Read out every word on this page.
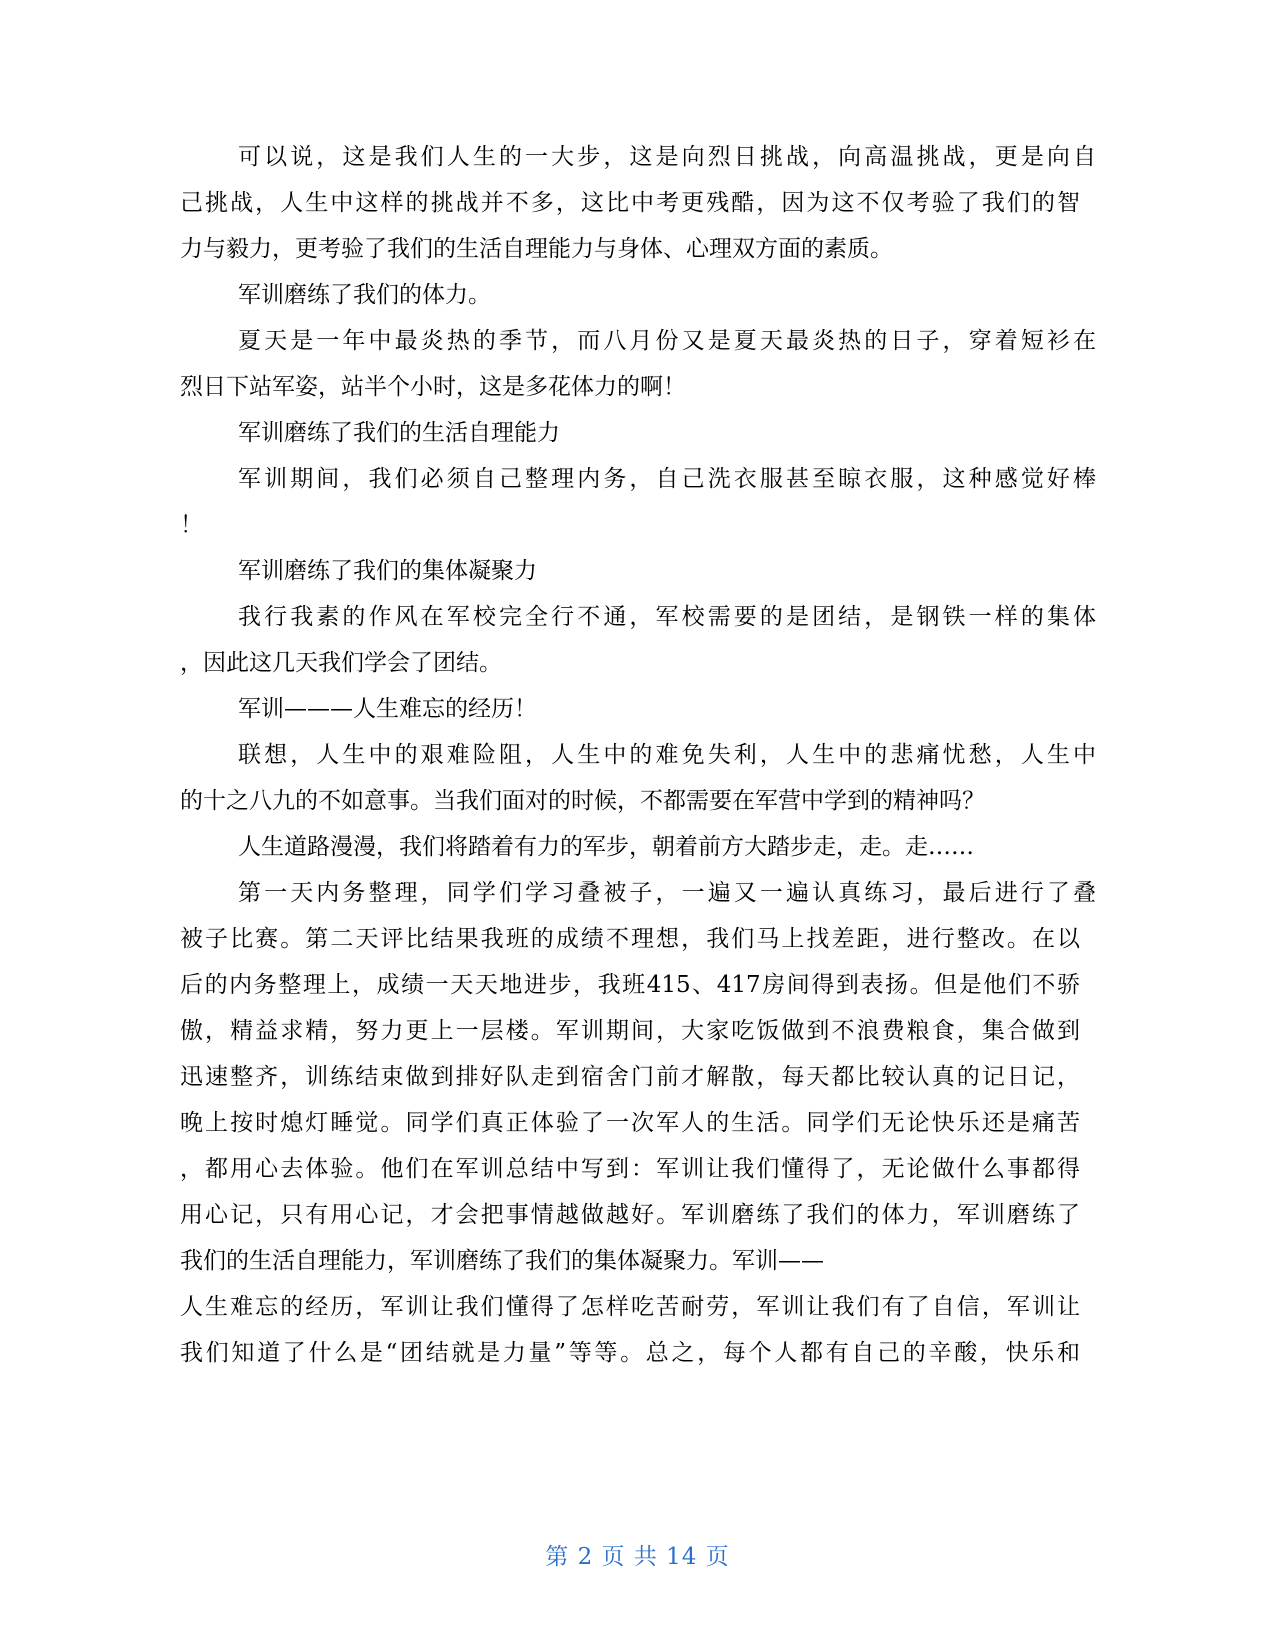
可以说，这是我们人生的一大步，这是向烈日挑战，向高温挑战，更是向自
己挑战，人生中这样的挑战并不多，这比中考更残酷，因为这不仅考验了我们的智
力与毅力，更考验了我们的生活自理能力与身体、心理双方面的素质。
军训磨练了我们的体力。
夏天是一年中最炎热的季节，而八月份又是夏天最炎热的日子，穿着短衫在
烈日下站军姿，站半个小时，这是多花体力的啊！
军训磨练了我们的生活自理能力
军训期间，我们必须自己整理内务，自己洗衣服甚至晾衣服，这种感觉好棒
！
军训磨练了我们的集体凝聚力
我行我素的作风在军校完全行不通，军校需要的是团结，是钢铁一样的集体
，因此这几天我们学会了团结。
军训———人生难忘的经历！
联想，人生中的艰难险阻，人生中的难免失利，人生中的悲痛忧愁，人生中
的十之八九的不如意事。当我们面对的时候，不都需要在军营中学到的精神吗？
人生道路漫漫，我们将踏着有力的军步，朝着前方大踏步走，走。走……
第一天内务整理，同学们学习叠被子，一遍又一遍认真练习，最后进行了叠
被子比赛。第二天评比结果我班的成绩不理想，我们马上找差距，进行整改。在以
后的内务整理上，成绩一天天地进步，我班415、417房间得到表扬。但是他们不骄
傲，精益求精，努力更上一层楼。军训期间，大家吃饭做到不浪费粮食，集合做到
迅速整齐，训练结束做到排好队走到宿舍门前才解散，每天都比较认真的记日记，
晚上按时熄灯睡觉。同学们真正体验了一次军人的生活。同学们无论快乐还是痛苦
，都用心去体验。他们在军训总结中写到：军训让我们懂得了，无论做什么事都得
用心记，只有用心记，才会把事情越做越好。军训磨练了我们的体力，军训磨练了
我们的生活自理能力，军训磨练了我们的集体凝聚力。军训——
人生难忘的经历，军训让我们懂得了怎样吃苦耐劳，军训让我们有了自信，军训让
我们知道了什么是“团结就是力量”等等。总之，每个人都有自己的辛酸，快乐和
第 2 页 共 14 页
